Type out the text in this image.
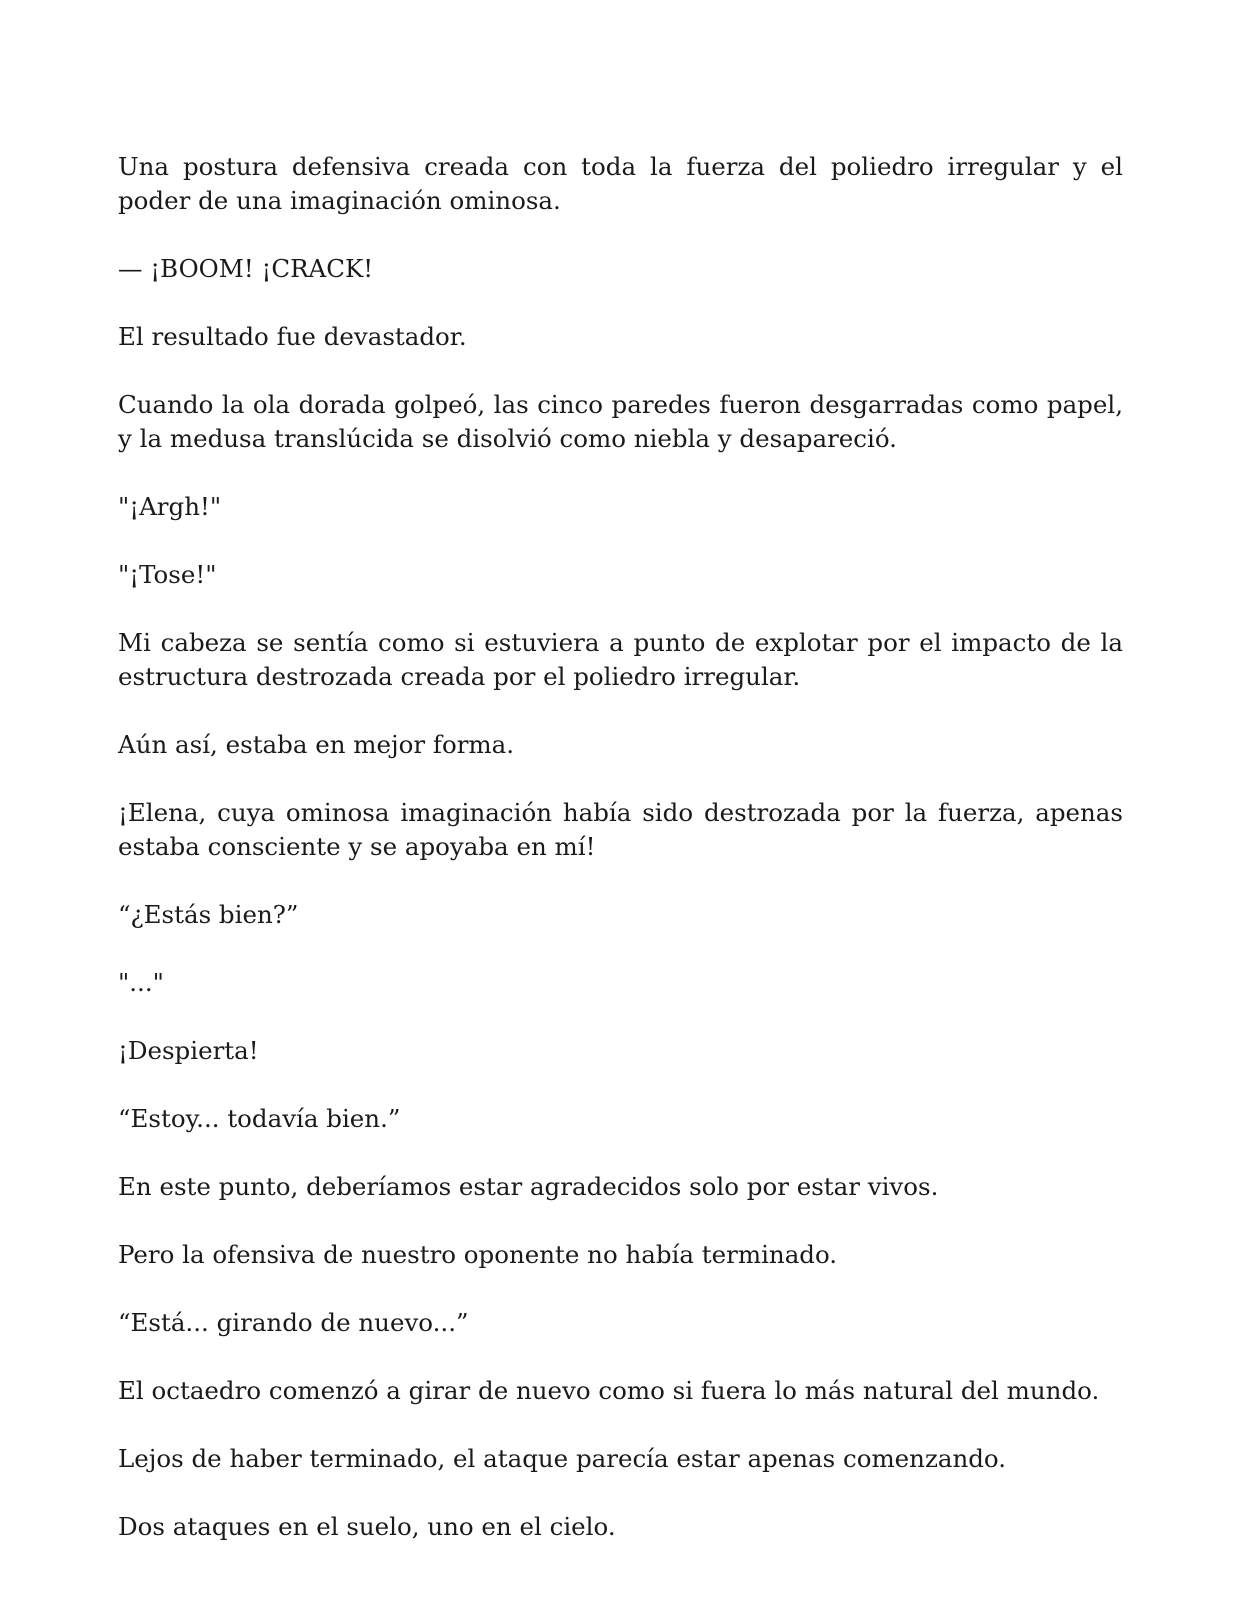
Una postura defensiva creada con toda la fuerza del poliedro irregular y el poder de una imaginación ominosa.

— ¡BOOM! ¡CRACK!

El resultado fue devastador.

Cuando la ola dorada golpeó, las cinco paredes fueron desgarradas como papel, y la medusa translúcida se disolvió como niebla y desapareció.

"¡Argh!"

"¡Tose!"

Mi cabeza se sentía como si estuviera a punto de explotar por el impacto de la estructura destrozada creada por el poliedro irregular.

Aún así, estaba en mejor forma.

¡Elena, cuya ominosa imaginación había sido destrozada por la fuerza, apenas estaba consciente y se apoyaba en mí!

“¿Estás bien?”

"..."

¡Despierta!

“Estoy... todavía bien.”

En este punto, deberíamos estar agradecidos solo por estar vivos.

Pero la ofensiva de nuestro oponente no había terminado.

“Está... girando de nuevo...”

El octaedro comenzó a girar de nuevo como si fuera lo más natural del mundo.

Lejos de haber terminado, el ataque parecía estar apenas comenzando.

Dos ataques en el suelo, uno en el cielo.
